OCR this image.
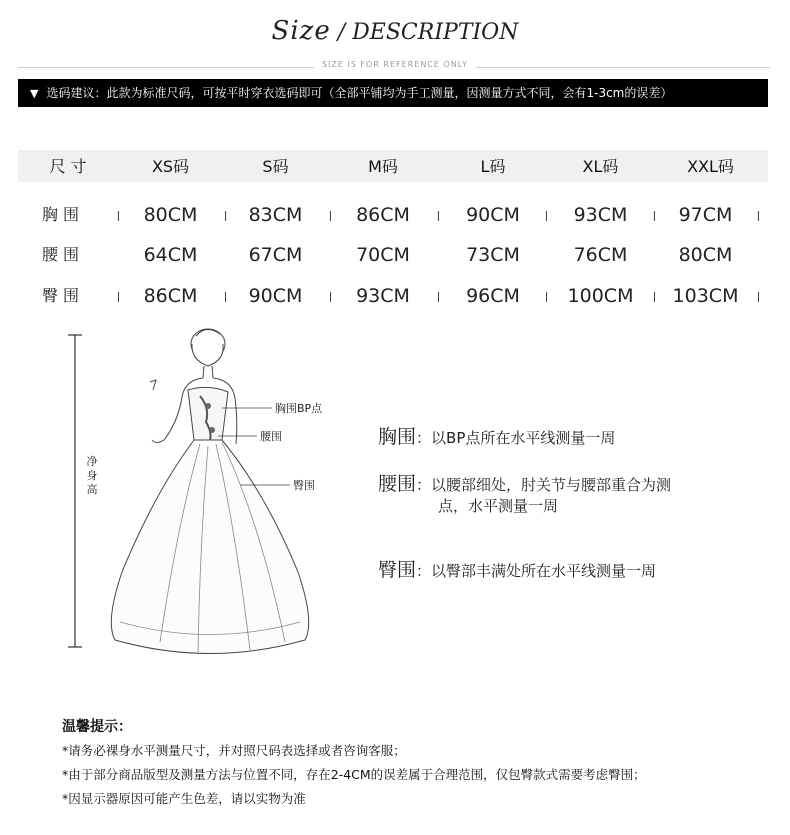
Size / DESCRIPTION
SIZE IS FOR REFERENCE ONLY
▼ 选码建议：此款为标准尺码，可按平时穿衣选码即可（全部平铺均为手工测量，因测量方式不同，会有1-3cm的误差）
尺 寸	XS码	S码	M码	L码	XL码	XXL码
胸 围	80CM	83CM	86CM	90CM	93CM	97CM
腰 围	64CM	67CM	70CM	73CM	76CM	80CM
臀 围	86CM	90CM	93CM	96CM	100CM	103CM
净
身
高
胸围BP点
腰围
臀围
胸围：以BP点所在水平线测量一周
腰围：以腰部细处，肘关节与腰部重合为测
点，水平测量一周
臀围：以臀部丰满处所在水平线测量一周
温馨提示：
*请务必裸身水平测量尺寸，并对照尺码表选择或者咨询客服；
*由于部分商品版型及测量方法与位置不同，存在2-4CM的误差属于合理范围，仅包臀款式需要考虑臀围；
*因显示器原因可能产生色差，请以实物为准
